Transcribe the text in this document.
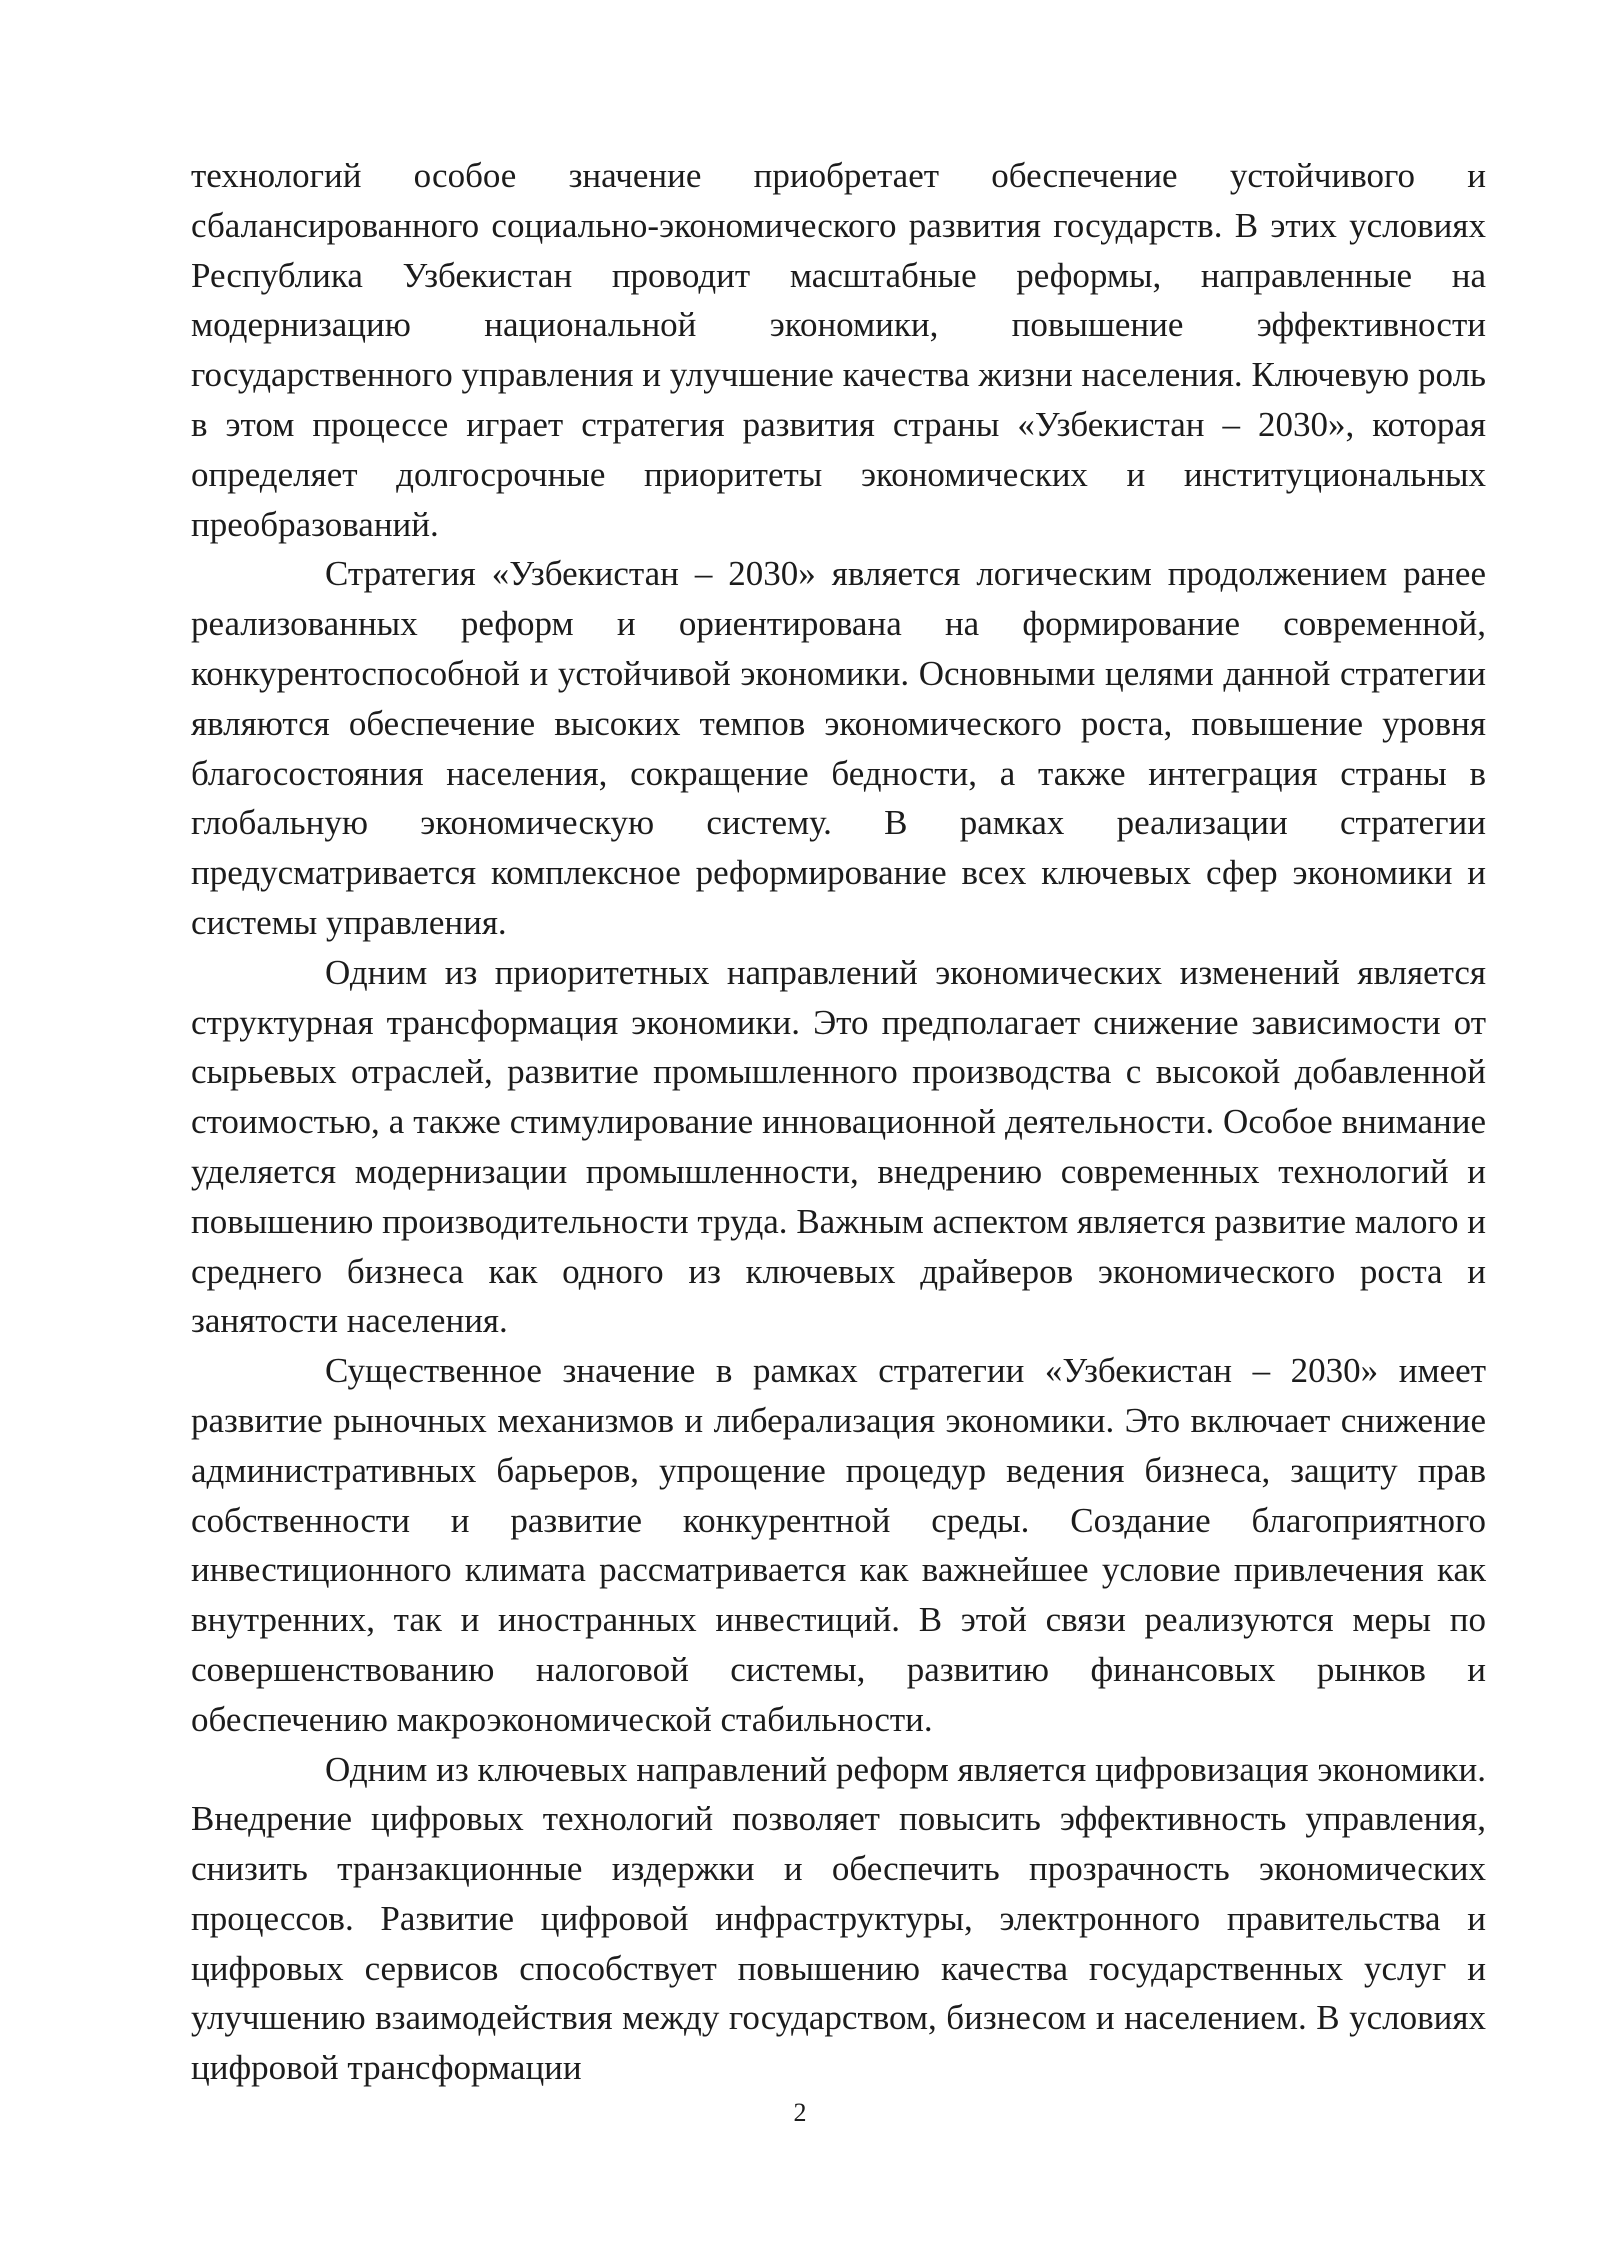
технологий особое значение приобретает обеспечение устойчивого и сбалансированного социально-экономического развития государств. В этих условиях Республика Узбекистан проводит масштабные реформы, направленные на модернизацию национальной экономики, повышение эффективности государственного управления и улучшение качества жизни населения. Ключевую роль в этом процессе играет стратегия развития страны «Узбекистан – 2030», которая определяет долгосрочные приоритеты экономических и институциональных преобразований.

Стратегия «Узбекистан – 2030» является логическим продолжением ранее реализованных реформ и ориентирована на формирование современной, конкурентоспособной и устойчивой экономики. Основными целями данной стратегии являются обеспечение высоких темпов экономического роста, повышение уровня благосостояния населения, сокращение бедности, а также интеграция страны в глобальную экономическую систему. В рамках реализации стратегии предусматривается комплексное реформирование всех ключевых сфер экономики и системы управления.

Одним из приоритетных направлений экономических изменений является структурная трансформация экономики. Это предполагает снижение зависимости от сырьевых отраслей, развитие промышленного производства с высокой добавленной стоимостью, а также стимулирование инновационной деятельности. Особое внимание уделяется модернизации промышленности, внедрению современных технологий и повышению производительности труда. Важным аспектом является развитие малого и среднего бизнеса как одного из ключевых драйверов экономического роста и занятости населения.

Существенное значение в рамках стратегии «Узбекистан – 2030» имеет развитие рыночных механизмов и либерализация экономики. Это включает снижение административных барьеров, упрощение процедур ведения бизнеса, защиту прав собственности и развитие конкурентной среды. Создание благоприятного инвестиционного климата рассматривается как важнейшее условие привлечения как внутренних, так и иностранных инвестиций. В этой связи реализуются меры по совершенствованию налоговой системы, развитию финансовых рынков и обеспечению макроэкономической стабильности.

Одним из ключевых направлений реформ является цифровизация экономики. Внедрение цифровых технологий позволяет повысить эффективность управления, снизить транзакционные издержки и обеспечить прозрачность экономических процессов. Развитие цифровой инфраструктуры, электронного правительства и цифровых сервисов способствует повышению качества государственных услуг и улучшению взаимодействия между государством, бизнесом и населением. В условиях цифровой трансформации

2
